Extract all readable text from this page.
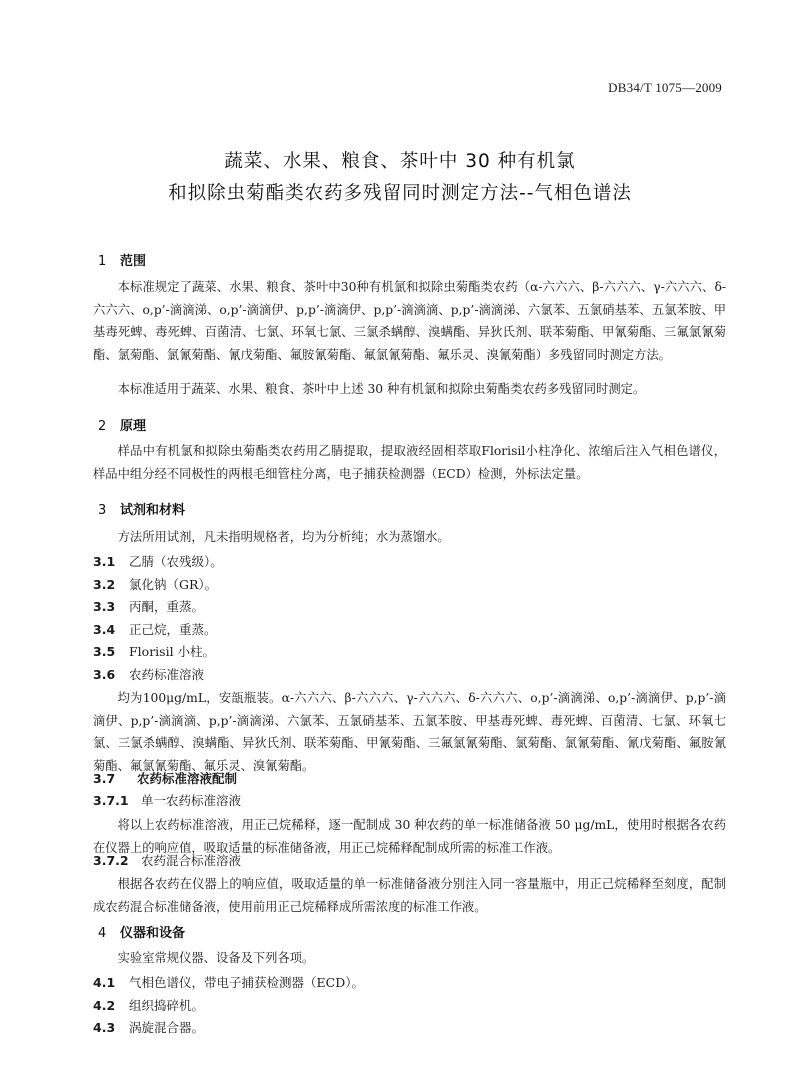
DB34/T 1075—2009
蔬菜、水果、粮食、茶叶中 30 种有机氯
和拟除虫菊酯类农药多残留同时测定方法--气相色谱法
1 范围
本标准规定了蔬菜、水果、粮食、茶叶中30种有机氯和拟除虫菊酯类农药（α-六六六、β-六六六、γ-六六六、δ-六六六、o,p’-滴滴涕、o,p’-滴滴伊、p,p’-滴滴伊、p,p’-滴滴滴、p,p’-滴滴涕、六氯苯、五氯硝基苯、五氯苯胺、甲基毒死蜱、毒死蜱、百菌清、七氯、环氧七氯、三氯杀螨醇、溴螨酯、异狄氏剂、联苯菊酯、甲氰菊酯、三氟氯氰菊酯、氯菊酯、氯氰菊酯、氰戊菊酯、氟胺氰菊酯、氟氯氰菊酯、氟乐灵、溴氰菊酯）多残留同时测定方法。
本标准适用于蔬菜、水果、粮食、茶叶中上述 30 种有机氯和拟除虫菊酯类农药多残留同时测定。
2 原理
样品中有机氯和拟除虫菊酯类农药用乙腈提取，提取液经固相萃取Florisil小柱净化、浓缩后注入气相色谱仪，样品中组分经不同极性的两根毛细管柱分离，电子捕获检测器（ECD）检测，外标法定量。
3 试剂和材料
方法所用试剂，凡未指明规格者，均为分析纯；水为蒸馏水。
3.1 乙腈（农残级）。
3.2 氯化钠（GR）。
3.3 丙酮，重蒸。
3.4 正己烷，重蒸。
3.5 Florisil 小柱。
3.6 农药标准溶液
均为100μg/mL，安瓿瓶装。α-六六六、β-六六六、γ-六六六、δ-六六六、o,p’-滴滴涕、o,p’-滴滴伊、p,p’-滴滴伊、p,p’-滴滴滴、p,p’-滴滴涕、六氯苯、五氯硝基苯、五氯苯胺、甲基毒死蜱、毒死蜱、百菌清、七氯、环氧七氯、三氯杀螨醇、溴螨酯、异狄氏剂、联苯菊酯、甲氰菊酯、三氟氯氰菊酯、氯菊酯、氯氰菊酯、氰戊菊酯、氟胺氰菊酯、氟氯氰菊酯、氟乐灵、溴氰菊酯。
3.7 农药标准溶液配制
3.7.1 单一农药标准溶液
将以上农药标准溶液，用正己烷稀释，逐一配制成 30 种农药的单一标准储备液 50 μg/mL，使用时根据各农药在仪器上的响应值，吸取适量的标准储备液，用正己烷稀释配制成所需的标准工作液。
3.7.2 农药混合标准溶液
根据各农药在仪器上的响应值，吸取适量的单一标准储备液分别注入同一容量瓶中，用正己烷稀释至刻度，配制成农药混合标准储备液，使用前用正己烷稀释成所需浓度的标准工作液。
4 仪器和设备
实验室常规仪器、设备及下列各项。
4.1 气相色谱仪，带电子捕获检测器（ECD）。
4.2 组织捣碎机。
4.3 涡旋混合器。
